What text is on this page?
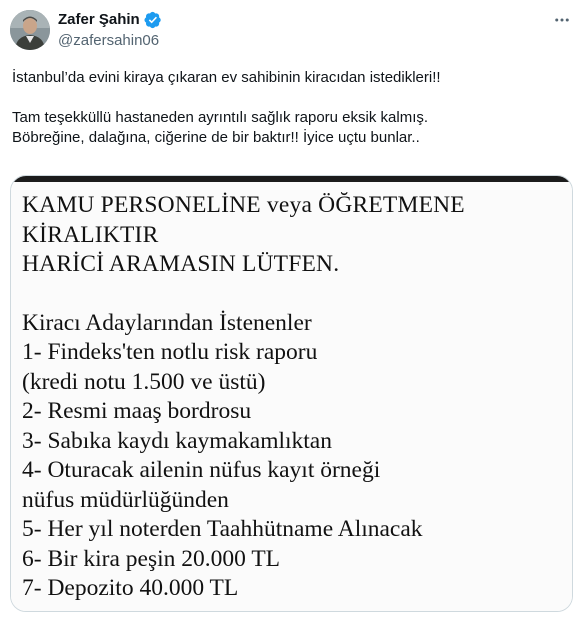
Zafer Şahin
@zafersahin06

İstanbul’da evini kiraya çıkaran ev sahibinin kiracıdan istedikleri!!

Tam teşekküllü hastaneden ayrıntılı sağlık raporu eksik kalmış.
Böbreğine, dalağına, ciğerine de bir baktır!! İyice uçtu bunlar..

KAMU PERSONELİNE veya ÖĞRETMENE
KİRALIKTIR
HARİCİ ARAMASIN LÜTFEN.
Kiracı Adaylarından İstenenler
1- Findeks'ten notlu risk raporu
(kredi notu 1.500 ve üstü)
2- Resmi maaş bordrosu
3- Sabıka kaydı kaymakamlıktan
4- Oturacak ailenin nüfus kayıt örneği
nüfus müdürlüğünden
5- Her yıl noterden Taahhütname Alınacak
6- Bir kira peşin 20.000 TL
7- Depozito 40.000 TL
